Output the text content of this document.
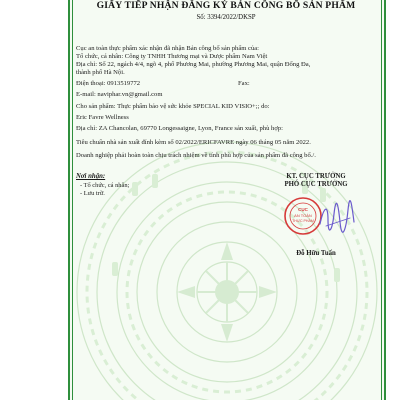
GIẤY TIẾP NHẬN ĐĂNG KÝ BẢN CÔNG BỐ SẢN PHẨM
Số: 3394/2022/DKSP
Cục an toàn thực phẩm xác nhận đã nhận Bản công bố sản phẩm của:
Tổ chức, cá nhân: Công ty TNHH Thương mại và Dược phẩm Nam Việt
Địa chỉ: Số 22, ngách 4/4, ngõ 4, phố Phương Mai, phường Phương Mai, quận Đống Đa,
thành phố Hà Nội.
Điện thoại: 0913519772	Fax:
E-mail: naviphar.vn@gmail.com
Cho sản phẩm: Thực phẩm bảo vệ sức khỏe SPECIAL KID VISIO+;; do:
Eric Favre Wellness
Địa chỉ: ZA Chancolan, 69770 Longessaigne, Lyon, France sản xuất, phù hợp:
Tiêu chuẩn nhà sản xuất đính kèm số 02/2022/ERICFAVRE ngày 06 tháng 05 năm 2022.
Doanh nghiệp phải hoàn toàn chịu trách nhiệm về tính phù hợp của sản phẩm đã công bố./.
Nơi nhận:
- Tổ chức, cá nhân;
- Lưu trữ.
KT. CỤC TRƯỞNG
PHÓ CỤC TRƯỞNG
Đỗ Hữu Tuấn
CỤC
AN TOÀN
THỰC PHẨM
